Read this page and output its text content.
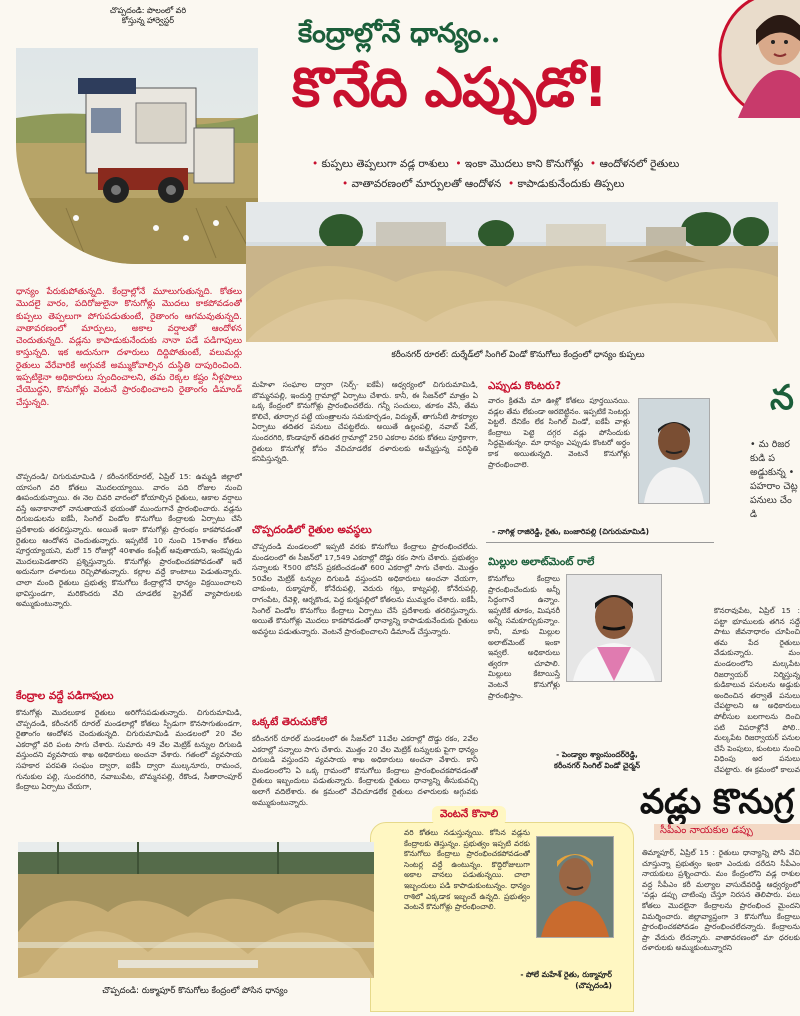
చొప్పదండి: పొలంలో వరి
కోస్తున్న హార్వెస్టర్	కేంద్రాల్లోనే ధాన్యం..
కొనేది ఎప్పుడో!
• కుప్పలు తెప్పలుగా వడ్ల రాశులు • ఇంకా మొదలు కాని కొనుగోళ్లు • ఆందోళనలో రైతులు
• వాతావరణంలో మార్పులతో ఆందోళన • కాపాడుకునేందుకు తిప్పలు
కరీంనగర్ రూరల్: దుర్శేడ్‌లో సింగిల్ విండో కొనుగోలు కేంద్రంలో ధాన్యం కుప్పలు
ధాన్యం పేరుకుపోతున్నది. కేంద్రాల్లోనే మూలుగుతున్నది. కోతలు మొదలై వారం, పదిరోజులైనా కొనుగోళ్లు మొదలు కాకపోవడంతో కుప్పలు తెప్పలుగా పోగుపడుతుంటే, రైతాంగం ఆగమవుతున్నది. వాతావరణంలో మార్పులు, అకాల వర్షాలతో ఆందోళన చెందుతున్నది. వడ్లను కాపాడుకునేందుకు నానా పడే పడిగాపులు కాస్తున్నది. ఇక అదునుగా దళారులు దిద్దిపోతుంటే, వలుమర్లు రైతులు వేరేవారికే అగ్గువకే అమ్ముకోవాల్సిన దుస్థితి దాపురించింది. ఇప్పటికైనా అధికారులు స్పందించాలని, తమ రెక్కల కష్టం నీళ్లపాలు చేయొద్దని, కొనుగోళ్లు వెంటనే ప్రారంభించాలని రైతాంగం డిమాండ్ చేస్తున్నది.
చొప్పదండి/ చిగురుమామిడి / కరీంనగర్‌రూరల్, ఏప్రిల్ 15: ఉమ్మడి జిల్లాలో యాసంగి వరి కోతలు మొదలయ్యాయి. వారం పది రోజుల నుంచి ఊపందుకున్నాయి. ఈ నెల చివరి వారంలో కోయాల్సిన రైతులు, ఆకాల వర్షాలు వస్తే ఆనాకానాలో నానుతాయనే భయంతో ముందుగానే ప్రారంభించారు. వడ్లను దిగుబడులను ఐకేపీ, సింగిల్ విండోల కొనుగోలు కేంద్రాలకు ఏర్పాటు చేసే ప్రదేశాలకు తరలిస్తున్నారు. అయితే ఇంకా కొనుగోళ్లు ప్రారంభం కాకపోవడంతో రైతులు ఆందోళన చెందుతున్నారు. ఇప్పటికే 10 నుంచి 15శాతం కోతలు పూర్తయ్యాయని, మరో 15 రోజుల్లో 40శాతం కంప్లీట్ అవుతాయని, ఇంకెప్పుడు మొదలుపెడతారని ప్రశ్నిస్తున్నారు. కొనుగోళ్లు ప్రారంభించకపోవడంతో ఇదే అదునుగా దళారులు రెచ్చిపోతున్నారు. కల్లాల వద్దే కాంటాలు పెడుతున్నారు. చాలా మంది రైతులు ప్రభుత్వ కొనుగోలు కేంద్రాల్లోనే ధాన్యం విక్రయించాలని భావిస్తుండగా, మరికొందరు వేచి చూడలేక ప్రైవేట్ వ్యాపారులకు అమ్ముకుంటున్నారు.
కేంద్రాల వద్దే పడిగాపులు
కొనుగోళ్లు మొదలుకాక రైతులు అరిగోసపడుతున్నారు. చిగురుమామిడి, చొప్పదండి, కరీంనగర్ రూరల్ మండలాల్లో కోతలు స్పీడుగా కొనసాగుతుండగా, రైతాంగం ఆందోళన చెందుతున్నది. చిగురుమామిడి మండలంలో 20 వేల ఎకరాల్లో వరి పంట సాగు చేశారు. సుమారు 49 వేల మెట్రిక్ టన్నుల దిగుబడి వస్తుందని వ్యవసాయ శాఖ అధికారులు అంచనా వేశారు. గతంలో వ్యవసాయ సహకార పరపతి సంఘం ద్వారా, ఐకేపీ ద్వారా ముల్కనూరు, రామంచ, గునుకుల పల్లి, సుందరగిరి, నవాబుపేట, బొమ్మనపల్లి, రేకొండ, సీతారాంపూర్ కేంద్రాలు ఏర్పాటు చేయగా,
మహిళా సంఘాల ద్వారా (సెర్ప్- ఐకేపీ) ఆధ్వర్యంలో చిగురుమామిడి, బొమ్మనపల్లి, ఇందుర్తి గ్రామాల్లో ఏర్పాటు చేశారు. కానీ, ఈ సీజన్‌లో మాత్రం ఏ ఒక్క కేంద్రంలో కొనుగోళ్లు ప్రారంభించలేదు. గన్నీ సంచులు, తూకం వేసే, తేమ కొలిచే, తూర్పార పట్టే యంత్రాలను సమకూర్చడం, విద్యుత్, తాగునీటి సౌకర్యాల ఏర్పాటు తదితర పనులు చేపట్టలేదు. అయితే ఉల్లంపల్లి, నవాబ్‌ పేట్, సుందరగిరి, కొండాపూర్ తదితర గ్రామాల్లో 250 ఎకరాల వరకు కోతలు పూర్తికాగా, రైతులు కొనుగోళ్ల కోసం వేచిచూడలేక దళారులకు అమ్మేస్తున్న పరిస్థితి కనిపిస్తున్నది.
చొప్పదండిలో రైతుల అవస్థలు
చొప్పదండి మండలంలో ఇప్పటి వరకు కొనుగోలు కేంద్రాలు ప్రారంభించలేదు. మండలంలో ఈ సీజన్‌లో 17,549 ఎకరాల్లో దొడ్డు రకం సాగు చేశారు. ప్రభుత్వం సన్నాలకు ₹500 బోనస్ ప్రకటించడంతో 600 ఎకరాల్లో సాగు చేశారు. మొత్తం 50వేల మెట్రిక్ టన్నుల దిగుబడి వస్తుందని అధికారులు అంచనా వేయగా, చాకుంట, రుక్మాపూర్, కోనేరుపల్లి, వెదురు గట్టు, కాట్నపల్లి, కోనేరుపల్లి, రాగంపేట, రేవెళ్లి, ఆర్నకొండ, పెద్ద కుర్మపల్లిలో కోతలను ముమ్మరం చేశారు. ఐకేపీ, సింగిల్ విండోల కొనుగోలు కేంద్రాలు ఏర్పాటు చేసే ప్రదేశాలకు తరలిస్తున్నారు. అయితే కొనుగోళ్లు మొదలు కాకపోవడంతో ధాన్యాన్ని కాపాడుకునేందుకు రైతులు అవస్థలు పడుతున్నారు. వెంటనే ప్రారంభించాలని డిమాండ్ చేస్తున్నారు.
ఒక్కటే తెరుచుకోలే
కరీంనగర్ రూరల్ మండలంలో ఈ సీజన్‌లో 11వేల ఎకరాల్లో దొడ్డు రకం, 2వేల ఎకరాల్లో సన్నాలు సాగు చేశారు. మొత్తం 20 వేల మెట్రిక్ టన్నులకు పైగా ధాన్యం దిగుబడి వస్తుందని వ్యవసాయ శాఖ అధికారులు అంచనా వేశారు. కానీ మండలంలోని ఏ ఒక్క గ్రామంలో కొనుగోలు కేంద్రాలు ప్రారంభించకపోవడంతో రైతులు ఇబ్బందులు పడుతున్నారు. కేంద్రాలకు రైతులు ధాన్యాన్ని తీసుకువచ్చి అలాగే వదిలేశారు. ఈ క్రమంలో వేచిచూడలేక రైతులు దళారులకు అగ్గువకు అమ్ముకుంటున్నారు.
ఎప్పుడు కొంటరు?
వారం క్రితమే మా ఊళ్లో కోతలు పూర్తయినయి. వడ్లల తేమ లేకుండా ఆరబెట్టినం. ఇప్పటికే సెంటర్లు పెట్టలే. దేనికేం లేక సింగిల్ విండో, ఐకేపీ వాళ్లు కేంద్రాలు పెట్టె దగ్గర వడ్లు పోసేందుకు సిద్ధమైతున్నం. మా ధాన్యం ఎప్పుడు కొంటరో అర్థం కాక అయితున్నది. వెంటనే కొనుగోళ్లు ప్రారంభించాలె.
- నాగిళ్ల రాజిరెడ్డి, రైతు, బంజారిపల్లి (చిగురుమామిడి)
మిల్లుల అలాట్‌మెంట్ రాలే
కొనుగోలు కేంద్రాలు ప్రారంభించేందుకు అన్నీ సిద్ధంగానే ఉన్నాం. ఇప్పటికే తూకం, మిషనరీ అన్నీ సమకూర్చుకున్నాం. కానీ, మాకు మిల్లుల అలాట్‌మెంట్ ఇంకా ఇవ్వలే. అధికారులు త్వరగా చూపాలి. మిల్లులు కేటాయిస్తే వెంటనే కొనుగోళ్లు ప్రారంభిస్తాం.
- పెండ్యాల శ్యాంసుందర్‌రెడ్డి,
కరీంనగర్ సింగిల్ విండో చైర్మన్
వెంటనే కొనాలి
వరి కోతలు నడుస్తున్నయి. కోసిన వడ్లను కేంద్రాలకు తెస్తున్నం. ప్రభుత్వం ఇప్పటి వరకు కొనుగోలు కేంద్రాలు ప్రారంభించకపోవడంతో సెంటర్ల వద్దే ఉంటున్నం. కొద్దిరోజులుగా అకాల వానలు పడుతున్నయి. చాలా ఇబ్బందులు పడి కాపాడుకుంటున్నం. ధాన్యం రాశిలో ఎక్కడాక ఇబ్బందే ఉన్నది. ప్రభుత్వం వెంటనే కొనుగోళ్లు ప్రారంభించాలి.
- పోలే మహేశ్ రైతు, రుక్మాపూర్
(చొప్పదండి)
చొప్పదండి: రుక్మాపూర్ కొనుగోలు కేంద్రంలో పోసిన ధాన్యం
న
• మ రిజర కుడి ప అడ్డుకున్న • పహరాం చెట్ల పనులు చేం డి
కొనరావుపేట, ఏప్రిల్ 15 : పట్టా భూములకు తగిన సద్దే పాటు జీవనాధారం చూపించి తమ పేద రైతులు వేడుకున్నారు. మం మండలంలోని మల్కపేట రిజర్వాయర్ నిర్మిస్తున్న కుడికాలువ పనులను అడ్డుకు అందించిన తర్వాతే పనులు చేపట్టాలని ఆ అధికారులు పోలీసుల బలగాలను దించి పటి విపరాళ్లోనే పోలి.. మల్కపేట రిజర్వాయర్ పనుల చేసే పెంపులు, కుంటలు నుంచి విధింపు అర పనులు చేపట్టారు. ఈ క్రమంలో కాలువ
వడ్లు కొనుగ్ర
సీపీఎం నాయకుల డప్పు
తిమ్మాపూర్, ఏప్రిల్ 15 : రైతులు ధాన్యాన్ని పోసి వేచి చూస్తున్నా ప్రభుత్వం ఇంకా ఎందుకు దరేదని సీపీఎం నాయకులు ప్రశ్నించారు. మం కేంద్రంలోని వడ్ల రాశుల వద్ద సీపీఎం కరీ మల్యాల వాసుదేవరెడ్డి ఆధ్వర్యంలో 'వడ్లు డప్పు చాటింపు చేస్తూ నిరసన తెలిపారు. పలు కోతలు మొదలైనా కేంద్రాలను ప్రారంభించ మైందని విమర్శించారు. జిల్లావ్యాప్తంగా 3 కొనుగోలు కేంద్రాలు ప్రారంభించకపోవడం ప్రారంభించలేదన్నారు. కేంద్రాలను ప్రా వేదురు లేదన్నారు. వాతావరణంలో మా ధరలకు దళారులకు అమ్ముకుంటున్నారని
